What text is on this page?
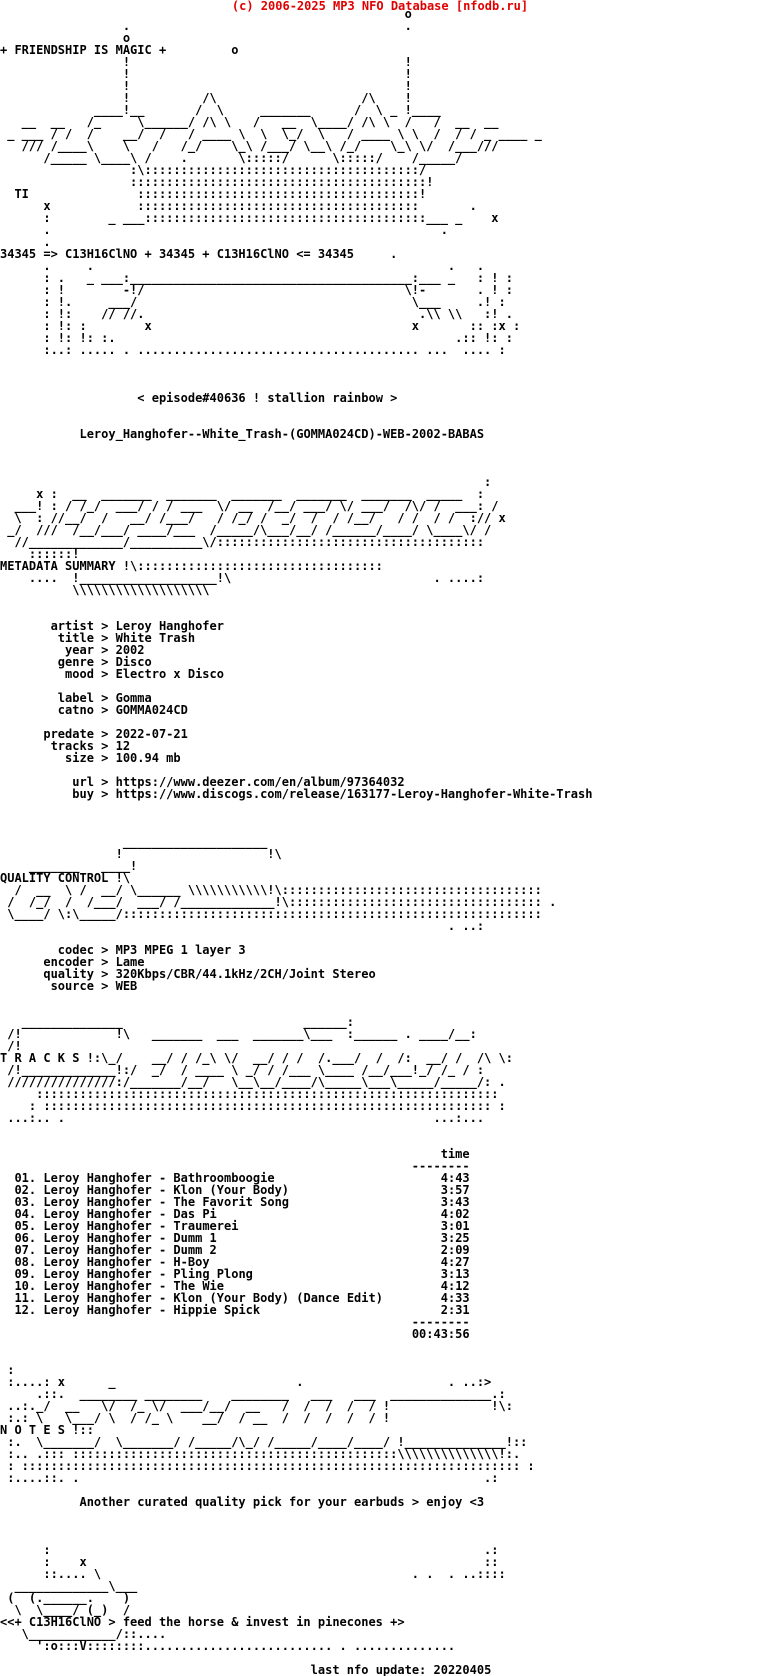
(c) 2006-2025 MP3 NFO Database [nfodb.ru]
o
.                                      .
o
+ FRIENDSHIP IS MAGIC +	o
!                                      !
!                                      !
!                                      !
!          /\                    /\    !
____!__       /  \     _______      /  \ _ !____
__  __   /_     \______/ /\ \   /   __  \____/ /\ \  /   /  __  __
_ ___ / /  /    __/  /   / ____ \  \  \_/  \   / ____ \ \  /  / / _ ____ _
/// /____\    \   /   /_/    \_\ /___/ \__\ /_/    \_\ \/  /___///
/_____ \____\ /    .       \:::::/      \:::::/    /_____/
:\::::::::::::::::::::::::::::::::::::::/
:::::::::::::::::::::::::::::::::::::::::!
TI               :::::::::::::::::::::::::::::::::::::::!
x            :::::::::::::::::::::::::::::::::::::::       .
:        _ ___:::::::::::::::::::::::::::::::::::::::___ _    x
.                                                      .
.
34345 => C13H16ClNO + 34345 + C13H16ClNO <= 34345	.
.     .                                                 .   .
: .   _ ___:_______________________________________:___ _   : ! :
: !        -!/                                    \!-       . ! :
: !.     ___/                                      \___     .! :
: !:    // //.                                      .\\ \\   :! .
: !: :        x                                    x       :: :x :
: !: !: :.                                               .:: !: :
:..: ..... . ....................................... ...  .... :

< episode#40636 ! stallion rainbow >

Leroy_Hanghofer--White_Trash-(GOMMA024CD)-WEB-2002-BABAS

:
x :  __  _______  _______  _______  _______  _______  _____  :
___! : / /_/  ___/ / / ___  \/ __  /__/ ___/ \/ ___/  /\/ /  ___: /
\  : //__/  /   __/ /___/   / /_/ /  _/  /  / /__/   / /  / /  :// x
_/  ///  /__/___/ ____/___  /_____/\___/__/ /______/____/ \____\/ /
//_____________/__________\/:::::::::::::::::::::::::::::::::::::
::::::!
METADATA SUMMARY !\::::::::::::::::::::::::::::::::::
....  !___________________!\                            . ....:
\\\\\\\\\\\\\\\\\\\

artist > Leroy Hanghofer
title > White Trash
year > 2002
genre > Disco
mood > Electro x Disco

label > Gomma
catno > GOMMA024CD

predate > 2022-07-21
tracks > 12
size > 100.94 mb

url > https://www.deezer.com/en/album/97364032
buy > https://www.discogs.com/release/163177-Leroy-Hanghofer-White-Trash

____________________
!                    !\
_______   ____!
QUALITY CONTROL !\
/  __  \ /  __/ \______ \\\\\\\\\\\!\::::::::::::::::::::::::::::::::::::
/  /_/  /  /___/  ___/ /_____________!\::::::::::::::::::::::::::::::::::: .
\____/ \:\_____/::::::::::::::::::::::::::::::::::::::::::::::::::::::::::
. ..:

codec > MP3 MPEG 1 layer 3
encoder > Lame
quality > 320Kbps/CBR/44.1kHz/2CH/Joint Stereo
source > WEB

______________                         ______:
/!             !\   _______  ___  _______\___  :______ . ____/__:
/!
T R A C K S !:\_/    __/ / /_\ \/  __/ / /  /.___/  /  /:  __/ /  /\ \:
/!_____________!:/  _/  / ____ \ _/ / /___ \____ /__/___!_/ /_ / :
///////////////:/_______/__/   \__\__/____/\_____\___\_____/_____/: .
::::::::::::::::::::::::::::::::::::::::::::::::::::::::::::::::
: :::::::::::::::::::::::::::::::::::::::::::::::::::::::::::::: :
...:.. .                                                   ...:...

time
--------
01. Leroy Hanghofer - Bathroomboogie	4:43
02. Leroy Hanghofer - Klon (Your Body)	3:57
03. Leroy Hanghofer - The Favorit Song	3:43
04. Leroy Hanghofer - Das Pi	4:02
05. Leroy Hanghofer - Traumerei	3:01
06. Leroy Hanghofer - Dumm 1	3:25
07. Leroy Hanghofer - Dumm 2	2:09
08. Leroy Hanghofer - H-Boy	4:27
09. Leroy Hanghofer - Pling Plong	3:13
10. Leroy Hanghofer - The Wie	4:12
11. Leroy Hanghofer - Klon (Your Body) (Dance Edit)	4:33
12. Leroy Hanghofer - Hippie Spick	2:31
--------
00:43:56

:
:....: x      _                         .                    . ..:>
.::.  ________ ________    ________   ___   ___  ______________.:
..:._/  __   \/  /_ \/  ___/__/  __   /  /  /  /  / !              !\:
:.: \   \___/ \  / /_ \    __/  / __  /  /  /  /  / !
N O T E S !::
:.  \_______/  \_______/ /_____/\_/ /_____/____/____/ !______________!::
:.. .::: :::::::::::::::::::::::::::::::::::::::::::::\\\\\\\\\\\\\\!:.
: ::::::::::::::::::::::::::::::::::::::::::::::::::::::::::::::::::::: :
:....::. .                                                        .:

Another curated quality pick for your earbuds > enjoy <3

:                                                            .:
:    x                                                       ::
::.... \                                           . .  . ..::::
_____________\___
(  (.______.    )
\  \____/ (_)  /
<<+ C13H16ClNO > feed the horse & invest in pinecones +>
\____________/::....
':o:::V::::::::.......................... . ..............

last nfo update: 20220405
